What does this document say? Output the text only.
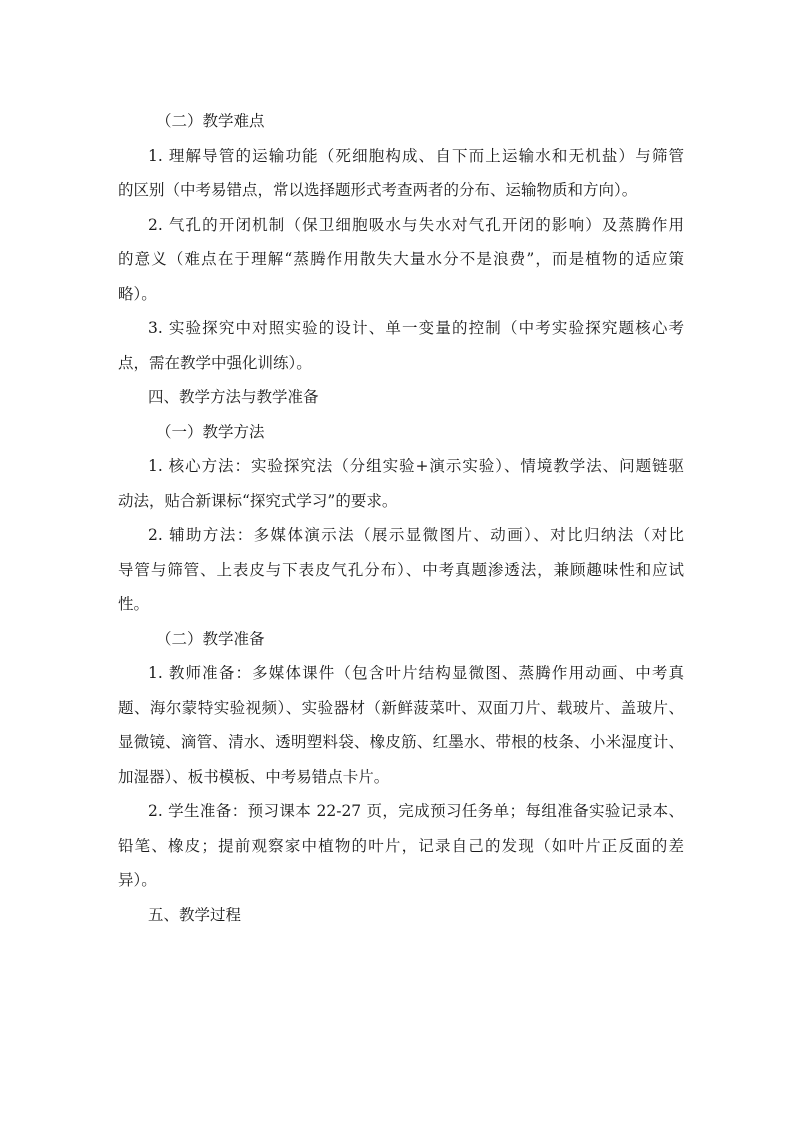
（二）教学难点

1. 理解导管的运输功能（死细胞构成、自下而上运输水和无机盐）与筛管
的区别（中考易错点，常以选择题形式考查两者的分布、运输物质和方向）。
2. 气孔的开闭机制（保卫细胞吸水与失水对气孔开闭的影响）及蒸腾作用
的意义（难点在于理解“蒸腾作用散失大量水分不是浪费”，而是植物的适应策
略）。
3. 实验探究中对照实验的设计、单一变量的控制（中考实验探究题核心考
点，需在教学中强化训练）。

四、教学方法与教学准备

（一）教学方法

1. 核心方法：实验探究法（分组实验+演示实验）、情境教学法、问题链驱
动法，贴合新课标“探究式学习”的要求。
2. 辅助方法：多媒体演示法（展示显微图片、动画）、对比归纳法（对比
导管与筛管、上表皮与下表皮气孔分布）、中考真题渗透法，兼顾趣味性和应试
性。

（二）教学准备

1. 教师准备：多媒体课件（包含叶片结构显微图、蒸腾作用动画、中考真
题、海尔蒙特实验视频）、实验器材（新鲜菠菜叶、双面刀片、载玻片、盖玻片、
显微镜、滴管、清水、透明塑料袋、橡皮筋、红墨水、带根的枝条、小米湿度计、
加湿器）、板书模板、中考易错点卡片。
2. 学生准备：预习课本 22-27 页，完成预习任务单；每组准备实验记录本、
铅笔、橡皮；提前观察家中植物的叶片，记录自己的发现（如叶片正反面的差
异）。

五、教学过程
